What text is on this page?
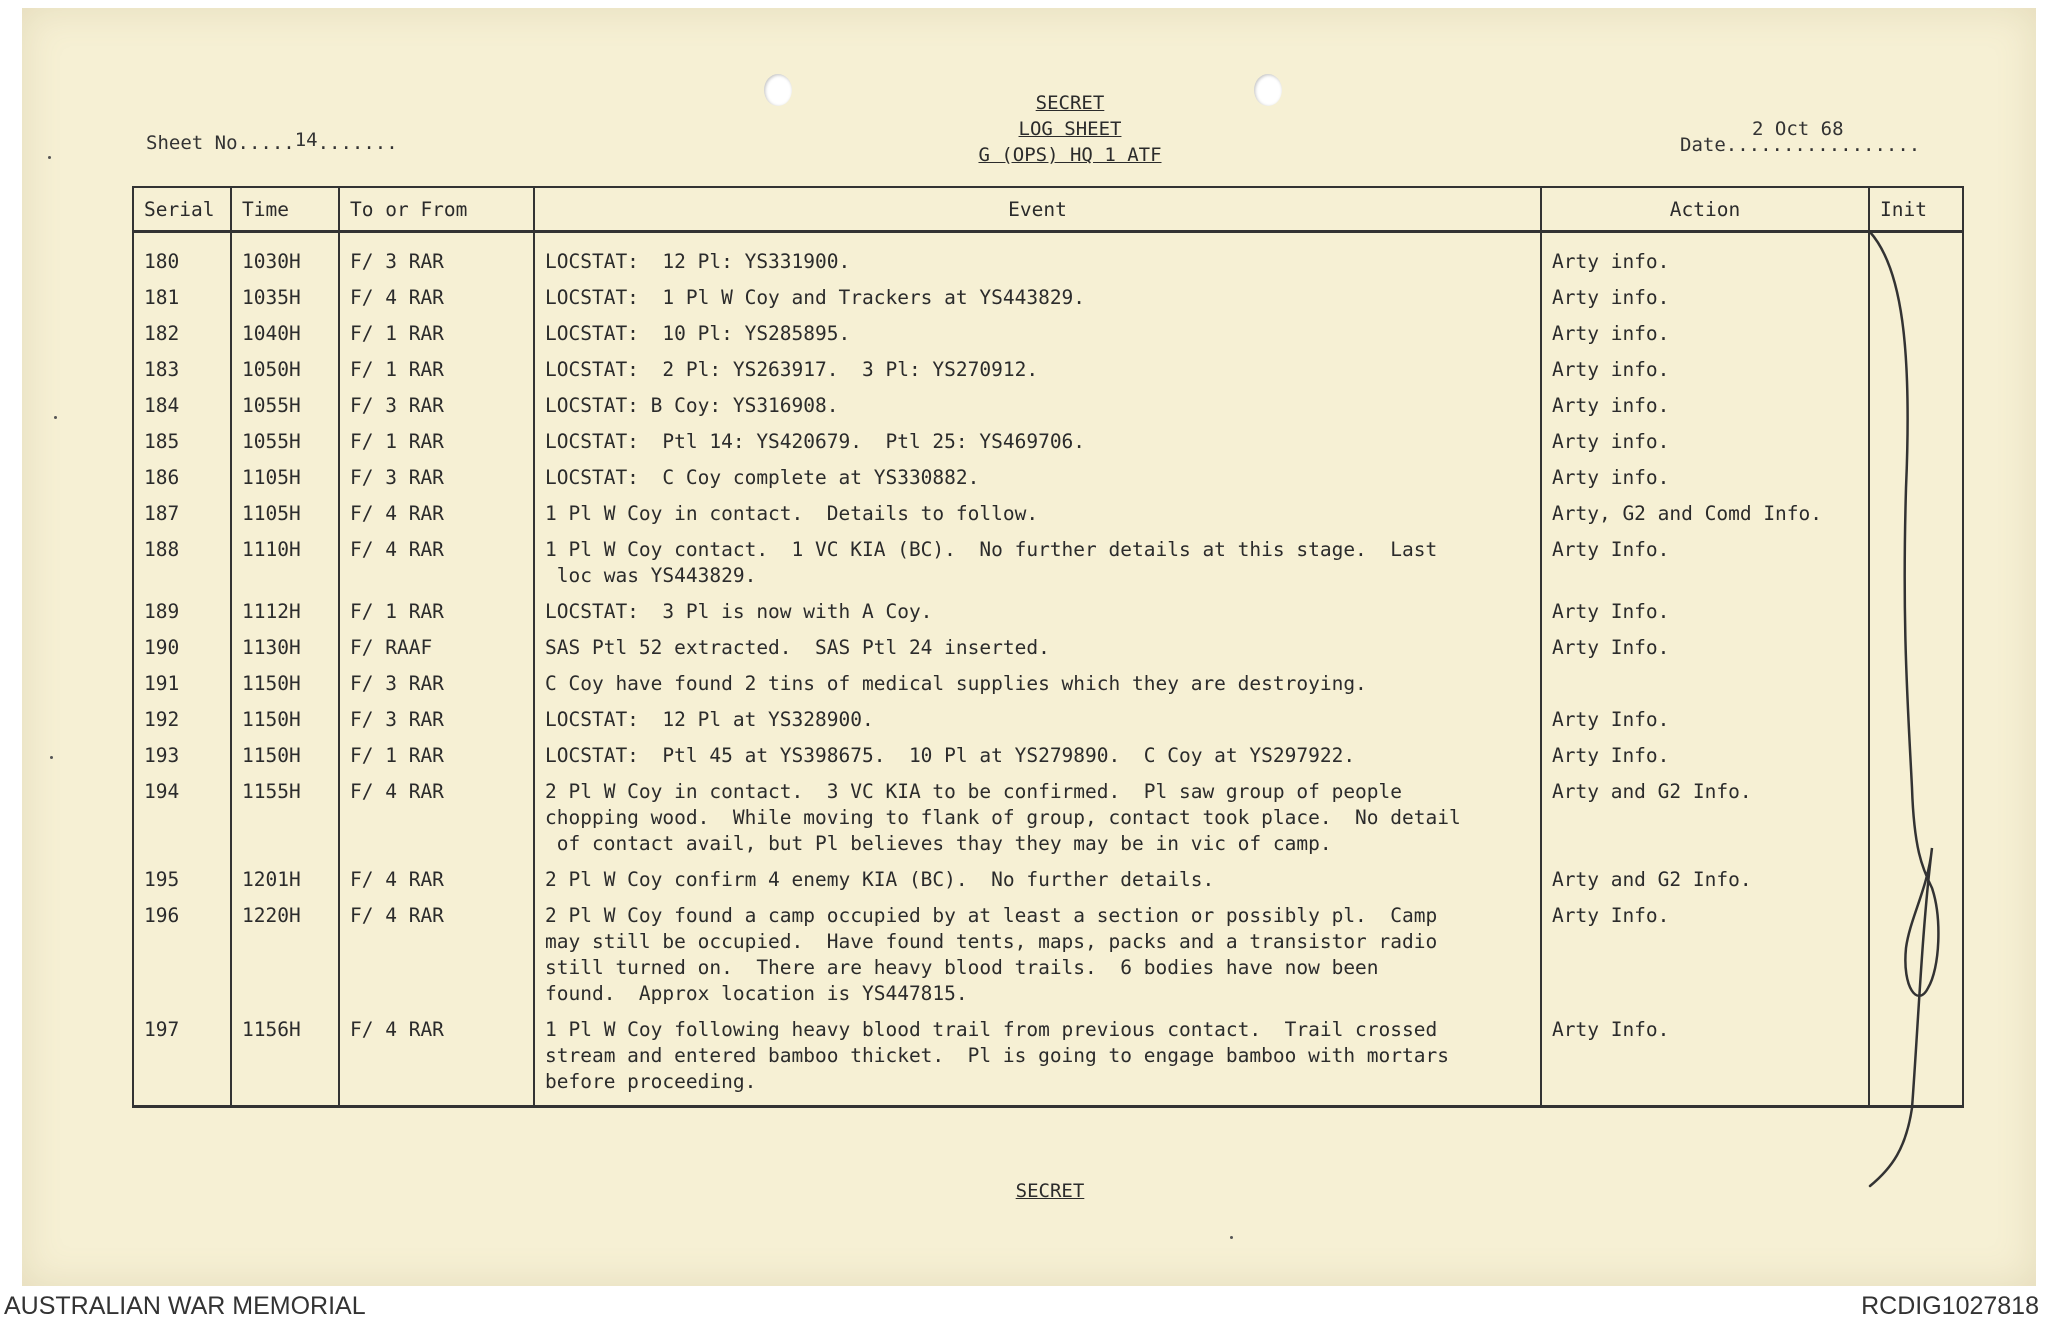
Sheet No.....14.......
SECRET
LOG SHEET
G (OPS) HQ 1 ATF
2 Oct 68
Date.................
Serial	Time	To or From	Event	Action	Init
180	1030H	F/ 3 RAR	LOCSTAT:  12 Pl: YS331900.	Arty info.	
181	1035H	F/ 4 RAR	LOCSTAT:  1 Pl W Coy and Trackers at YS443829.	Arty info.	
182	1040H	F/ 1 RAR	LOCSTAT:  10 Pl: YS285895.	Arty info.	
183	1050H	F/ 1 RAR	LOCSTAT:  2 Pl: YS263917.  3 Pl: YS270912.	Arty info.	
184	1055H	F/ 3 RAR	LOCSTAT: B Coy: YS316908.	Arty info.	
185	1055H	F/ 1 RAR	LOCSTAT:  Ptl 14: YS420679.  Ptl 25: YS469706.	Arty info.	
186	1105H	F/ 3 RAR	LOCSTAT:  C Coy complete at YS330882.	Arty info.	
187	1105H	F/ 4 RAR	1 Pl W Coy in contact.  Details to follow.	Arty, G2 and Comd Info.	
188	1110H	F/ 4 RAR	1 Pl W Coy contact.  1 VC KIA (BC).  No further details at this stage.  Last
loc was YS443829.	Arty Info.	
189	1112H	F/ 1 RAR	LOCSTAT:  3 Pl is now with A Coy.	Arty Info.	
190	1130H	F/ RAAF	SAS Ptl 52 extracted.  SAS Ptl 24 inserted.	Arty Info.	
191	1150H	F/ 3 RAR	C Coy have found 2 tins of medical supplies which they are destroying.		
192	1150H	F/ 3 RAR	LOCSTAT:  12 Pl at YS328900.	Arty Info.	
193	1150H	F/ 1 RAR	LOCSTAT:  Ptl 45 at YS398675.  10 Pl at YS279890.  C Coy at YS297922.	Arty Info.	
194	1155H	F/ 4 RAR	2 Pl W Coy in contact.  3 VC KIA to be confirmed.  Pl saw group of people
chopping wood.  While moving to flank of group, contact took place.  No detail
of contact avail, but Pl believes thay they may be in vic of camp.	Arty and G2 Info.	
195	1201H	F/ 4 RAR	2 Pl W Coy confirm 4 enemy KIA (BC).  No further details.	Arty and G2 Info.	
196	1220H	F/ 4 RAR	2 Pl W Coy found a camp occupied by at least a section or possibly pl.  Camp
may still be occupied.  Have found tents, maps, packs and a transistor radio
still turned on.  There are heavy blood trails.  6 bodies have now been
found.  Approx location is YS447815.	Arty Info.	
197	1156H	F/ 4 RAR	1 Pl W Coy following heavy blood trail from previous contact.  Trail crossed
stream and entered bamboo thicket.  Pl is going to engage bamboo with mortars
before proceeding.	Arty Info.	
SECRET
AUSTRALIAN WAR MEMORIAL	RCDIG1027818
